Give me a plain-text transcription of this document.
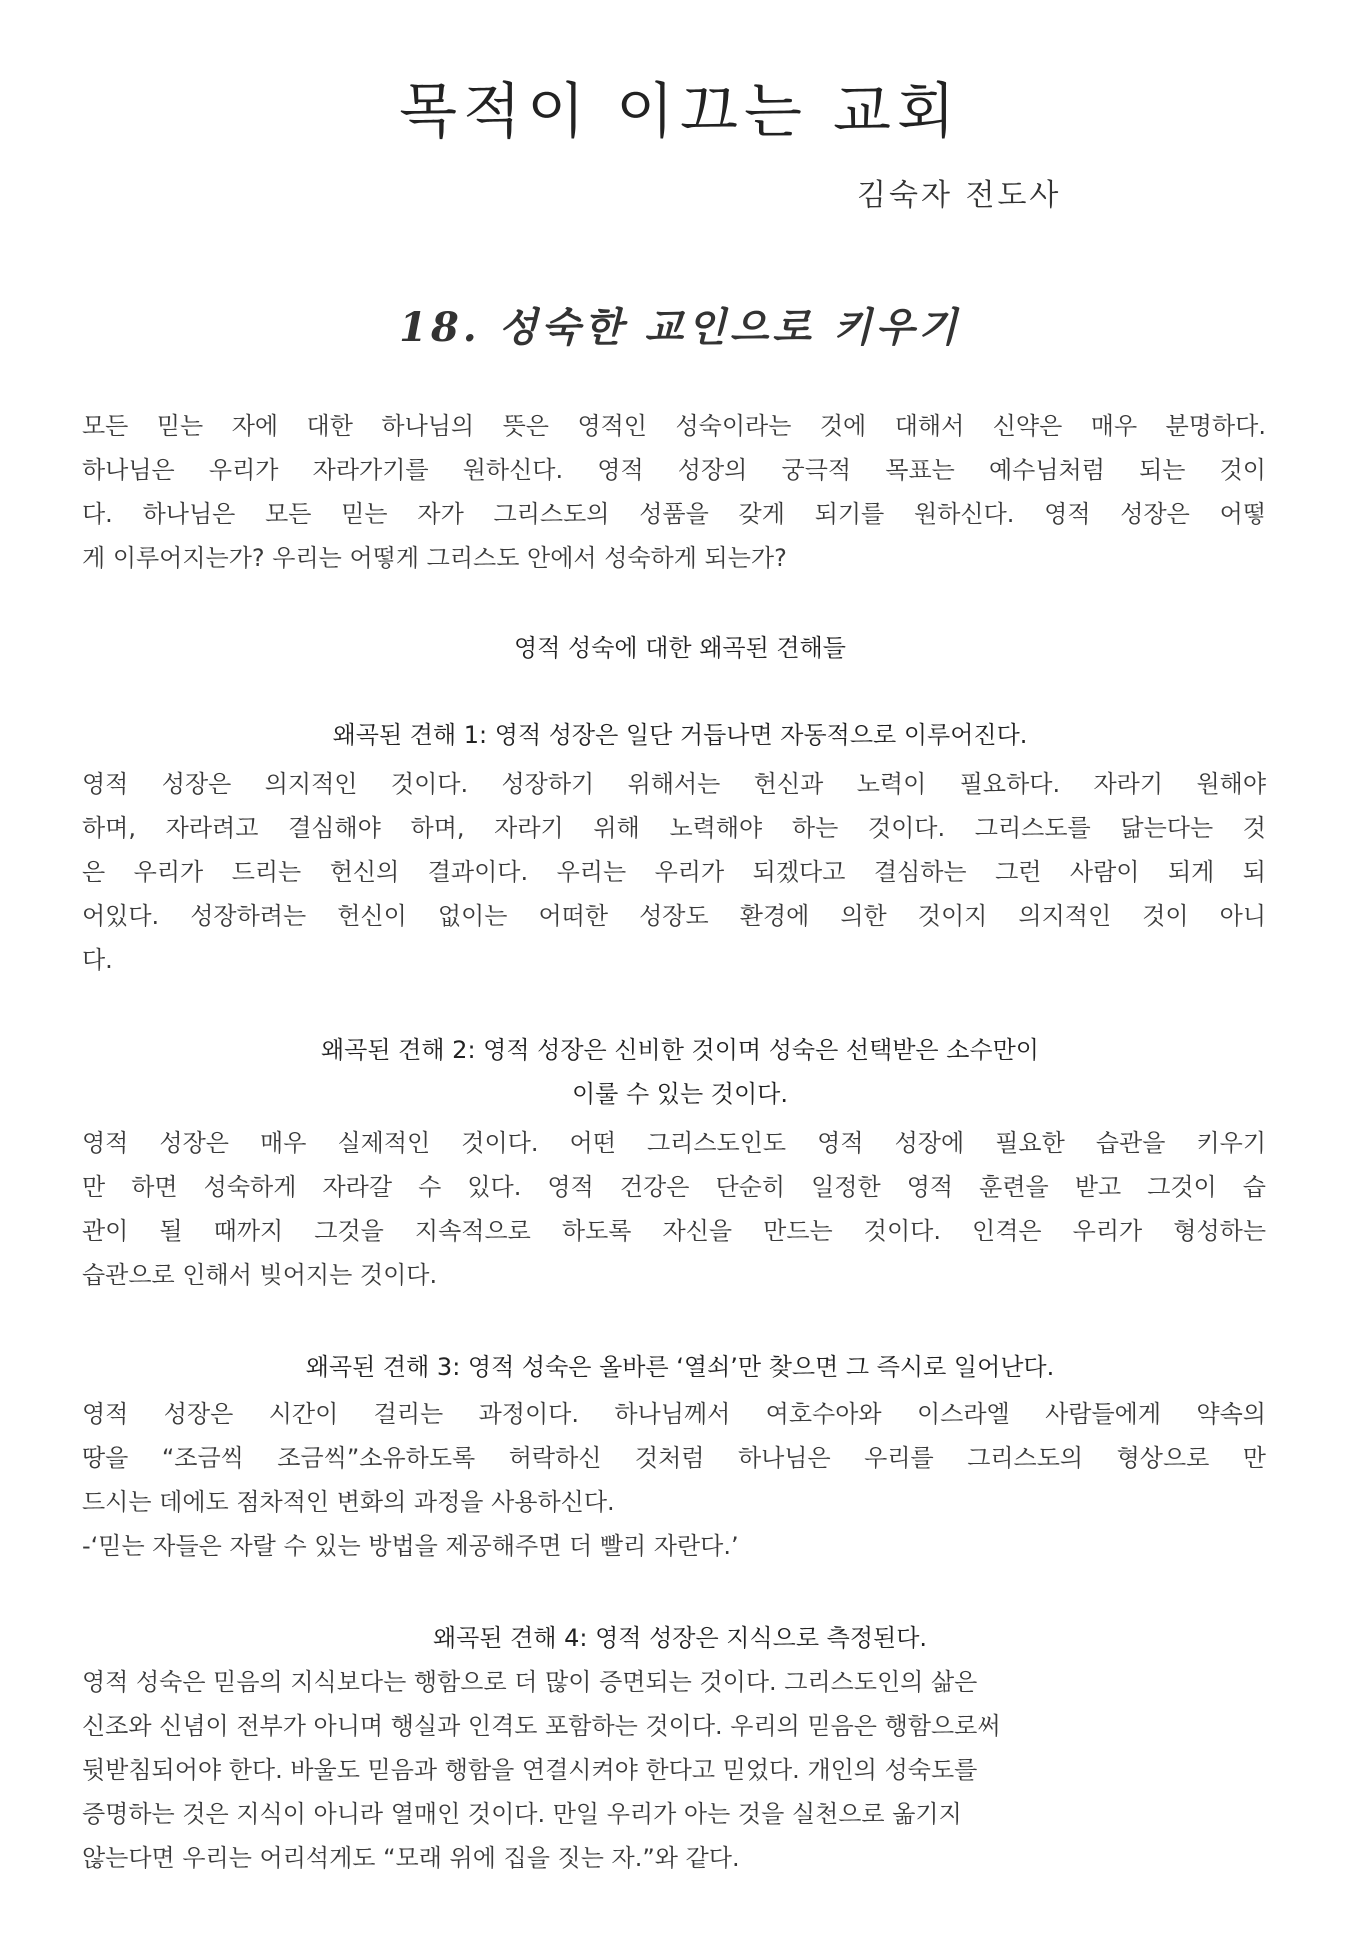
목적이 이끄는 교회
김숙자 전도사
18. 성숙한 교인으로 키우기
모든 믿는 자에 대한 하나님의 뜻은 영적인 성숙이라는 것에 대해서 신약은 매우 분명하다.
하나님은 우리가 자라가기를 원하신다. 영적 성장의 궁극적 목표는 예수님처럼 되는 것이
다. 하나님은 모든 믿는 자가 그리스도의 성품을 갖게 되기를 원하신다. 영적 성장은 어떻
게 이루어지는가? 우리는 어떻게 그리스도 안에서 성숙하게 되는가?
영적 성숙에 대한 왜곡된 견해들
왜곡된 견해 1: 영적 성장은 일단 거듭나면 자동적으로 이루어진다.
영적 성장은 의지적인 것이다. 성장하기 위해서는 헌신과 노력이 필요하다. 자라기 원해야
하며, 자라려고 결심해야 하며, 자라기 위해 노력해야 하는 것이다. 그리스도를 닮는다는 것
은 우리가 드리는 헌신의 결과이다. 우리는 우리가 되겠다고 결심하는 그런 사람이 되게 되
어있다. 성장하려는 헌신이 없이는 어떠한 성장도 환경에 의한 것이지 의지적인 것이 아니
다.
왜곡된 견해 2: 영적 성장은 신비한 것이며 성숙은 선택받은 소수만이
이룰 수 있는 것이다.
영적 성장은 매우 실제적인 것이다. 어떤 그리스도인도 영적 성장에 필요한 습관을 키우기
만 하면 성숙하게 자라갈 수 있다. 영적 건강은 단순히 일정한 영적 훈련을 받고 그것이 습
관이 될 때까지 그것을 지속적으로 하도록 자신을 만드는 것이다. 인격은 우리가 형성하는
습관으로 인해서 빚어지는 것이다.
왜곡된 견해 3: 영적 성숙은 올바른 ‘열쇠’만 찾으면 그 즉시로 일어난다.
영적 성장은 시간이 걸리는 과정이다. 하나님께서 여호수아와 이스라엘 사람들에게 약속의
땅을 “조금씩 조금씩”소유하도록 허락하신 것처럼 하나님은 우리를 그리스도의 형상으로 만
드시는 데에도 점차적인 변화의 과정을 사용하신다.
-‘믿는 자들은 자랄 수 있는 방법을 제공해주면 더 빨리 자란다.’
왜곡된 견해 4: 영적 성장은 지식으로 측정된다.
영적 성숙은 믿음의 지식보다는 행함으로 더 많이 증면되는 것이다. 그리스도인의 삶은
신조와 신념이 전부가 아니며 행실과 인격도 포함하는 것이다. 우리의 믿음은 행함으로써
뒷받침되어야 한다. 바울도 믿음과 행함을 연결시켜야 한다고 믿었다. 개인의 성숙도를
증명하는 것은 지식이 아니라 열매인 것이다. 만일 우리가 아는 것을 실천으로 옮기지
않는다면 우리는 어리석게도 “모래 위에 집을 짓는 자.”와 같다.
